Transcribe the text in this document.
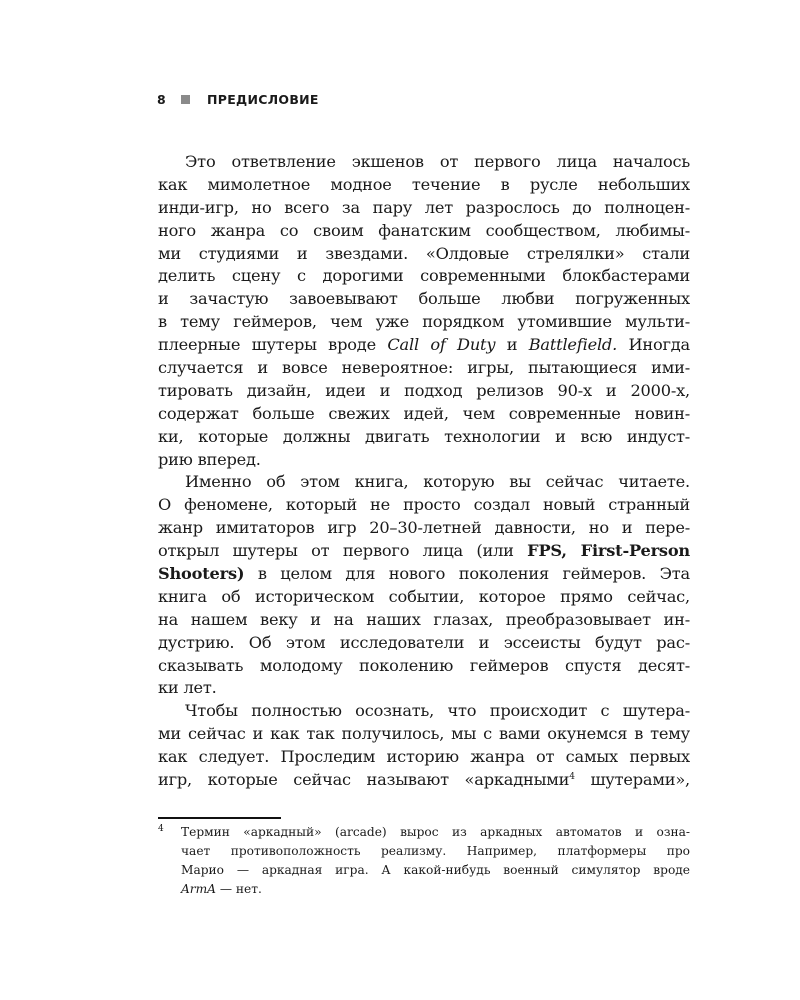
8	ПРЕДИСЛОВИЕ
Это ответвление экшенов от первого лица началось
как мимолетное модное течение в русле небольших
инди-игр, но всего за пару лет разрослось до полноцен-
ного жанра со своим фанатским сообществом, любимы-
ми студиями и звездами. «Олдовые стрелялки» стали
делить сцену с дорогими современными блокбастерами
и зачастую завоевывают больше любви погруженных
в тему геймеров, чем уже порядком утомившие мульти-
плеерные шутеры вроде Call of Duty и Battlefield. Иногда
случается и вовсе невероятное: игры, пытающиеся ими-
тировать дизайн, идеи и подход релизов 90-х и 2000-х,
содержат больше свежих идей, чем современные новин-
ки, которые должны двигать технологии и всю индуст-
рию вперед.
Именно об этом книга, которую вы сейчас читаете.
О феномене, который не просто создал новый странный
жанр имитаторов игр 20–30-летней давности, но и пере-
открыл шутеры от первого лица (или FPS, First-Person
Shooters) в целом для нового поколения геймеров. Эта
книга об историческом событии, которое прямо сейчас,
на нашем веку и на наших глазах, преобразовывает ин-
дустрию. Об этом исследователи и эссеисты будут рас-
сказывать молодому поколению геймеров спустя десят-
ки лет.
Чтобы полностью осознать, что происходит с шутера-
ми сейчас и как так получилось, мы с вами окунемся в тему
как следует. Проследим историю жанра от самых первых
игр, которые сейчас называют «аркадными$^4$ шутерами»,
4 Термин «аркадный» (arcade) вырос из аркадных автоматов и озна-
чает противоположность реализму. Например, платформеры про
Марио — аркадная игра. А какой-нибудь военный симулятор вроде
ArmA — нет.
